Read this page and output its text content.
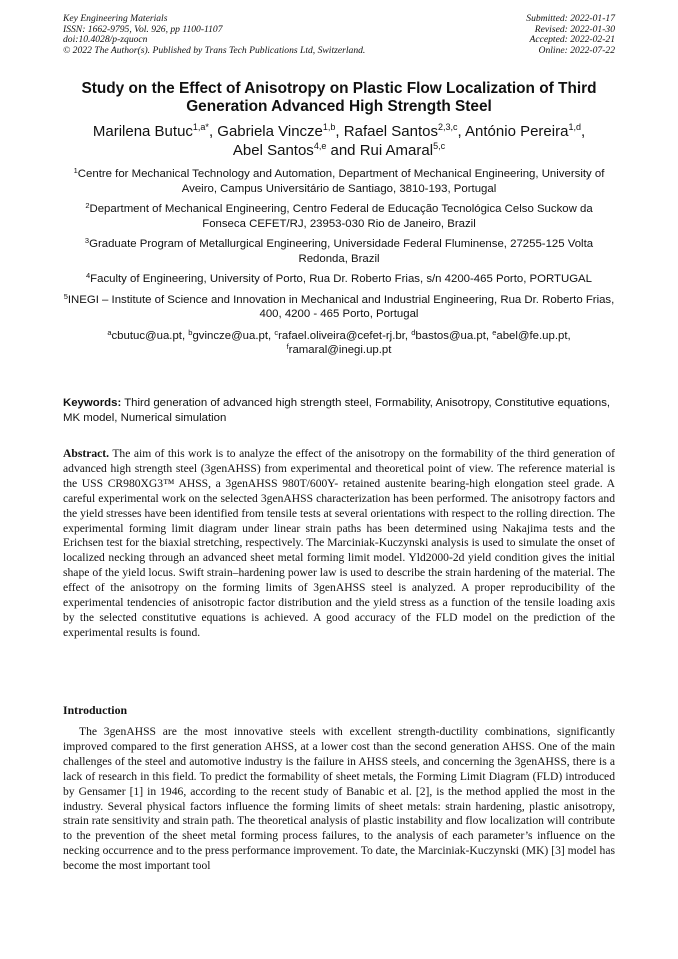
Key Engineering Materials
ISSN: 1662-9795, Vol. 926, pp 1100-1107
doi:10.4028/p-zquocn
© 2022 The Author(s). Published by Trans Tech Publications Ltd, Switzerland.
Submitted: 2022-01-17
Revised: 2022-01-30
Accepted: 2022-02-21
Online: 2022-07-22
Study on the Effect of Anisotropy on Plastic Flow Localization of Third Generation Advanced High Strength Steel
Marilena Butuc$^{1,a*}$, Gabriela Vincze$^{1,b}$, Rafael Santos$^{2,3,c}$, António Pereira$^{1,d}$,
Abel Santos$^{4,e}$ and Rui Amaral$^{5,c}$
$^1$Centre for Mechanical Technology and Automation, Department of Mechanical Engineering, University of Aveiro, Campus Universitário de Santiago, 3810-193, Portugal
$^2$Department of Mechanical Engineering, Centro Federal de Educação Tecnológica Celso Suckow da Fonseca CEFET/RJ, 23953-030 Rio de Janeiro, Brazil
$^3$Graduate Program of Metallurgical Engineering, Universidade Federal Fluminense, 27255-125 Volta Redonda, Brazil
$^4$Faculty of Engineering, University of Porto, Rua Dr. Roberto Frias, s/n 4200-465 Porto, PORTUGAL
$^5$INEGI – Institute of Science and Innovation in Mechanical and Industrial Engineering, Rua Dr. Roberto Frias, 400, 4200 - 465 Porto, Portugal
$^a$cbutuc@ua.pt, $^b$gvincze@ua.pt, $^c$rafael.oliveira@cefet-rj.br, $^d$bastos@ua.pt, $^e$abel@fe.up.pt,
$^f$ramaral@inegi.up.pt
Keywords: Third generation of advanced high strength steel, Formability, Anisotropy, Constitutive equations, MK model, Numerical simulation
Abstract. The aim of this work is to analyze the effect of the anisotropy on the formability of the third generation of advanced high strength steel (3genAHSS) from experimental and theoretical point of view. The reference material is the USS CR980XG3™ AHSS, a 3genAHSS 980T/600Y- retained austenite bearing-high elongation steel grade. A careful experimental work on the selected 3genAHSS characterization has been performed. The anisotropy factors and the yield stresses have been identified from tensile tests at several orientations with respect to the rolling direction. The experimental forming limit diagram under linear strain paths has been determined using Nakajima tests and the Erichsen test for the biaxial stretching, respectively. The Marciniak-Kuczynski analysis is used to simulate the onset of localized necking through an advanced sheet metal forming limit model. Yld2000-2d yield condition gives the initial shape of the yield locus. Swift strain–hardening power law is used to describe the strain hardening of the material. The effect of the anisotropy on the forming limits of 3genAHSS steel is analyzed. A proper reproducibility of the experimental tendencies of anisotropic factor distribution and the yield stress as a function of the tensile loading axis by the selected constitutive equations is achieved. A good accuracy of the FLD model on the prediction of the experimental results is found.
Introduction
The 3genAHSS are the most innovative steels with excellent strength-ductility combinations, significantly improved compared to the first generation AHSS, at a lower cost than the second generation AHSS. One of the main challenges of the steel and automotive industry is the failure in AHSS steels, and concerning the 3genAHSS, there is a lack of research in this field. To predict the formability of sheet metals, the Forming Limit Diagram (FLD) introduced by Gensamer [1] in 1946, according to the recent study of Banabic et al. [2], is the method applied the most in the industry. Several physical factors influence the forming limits of sheet metals: strain hardening, plastic anisotropy, strain rate sensitivity and strain path. The theoretical analysis of plastic instability and flow localization will contribute to the prevention of the sheet metal forming process failures, to the analysis of each parameter’s influence on the necking occurrence and to the press performance improvement. To date, the Marciniak-Kuczynski (MK) [3] model has become the most important tool
